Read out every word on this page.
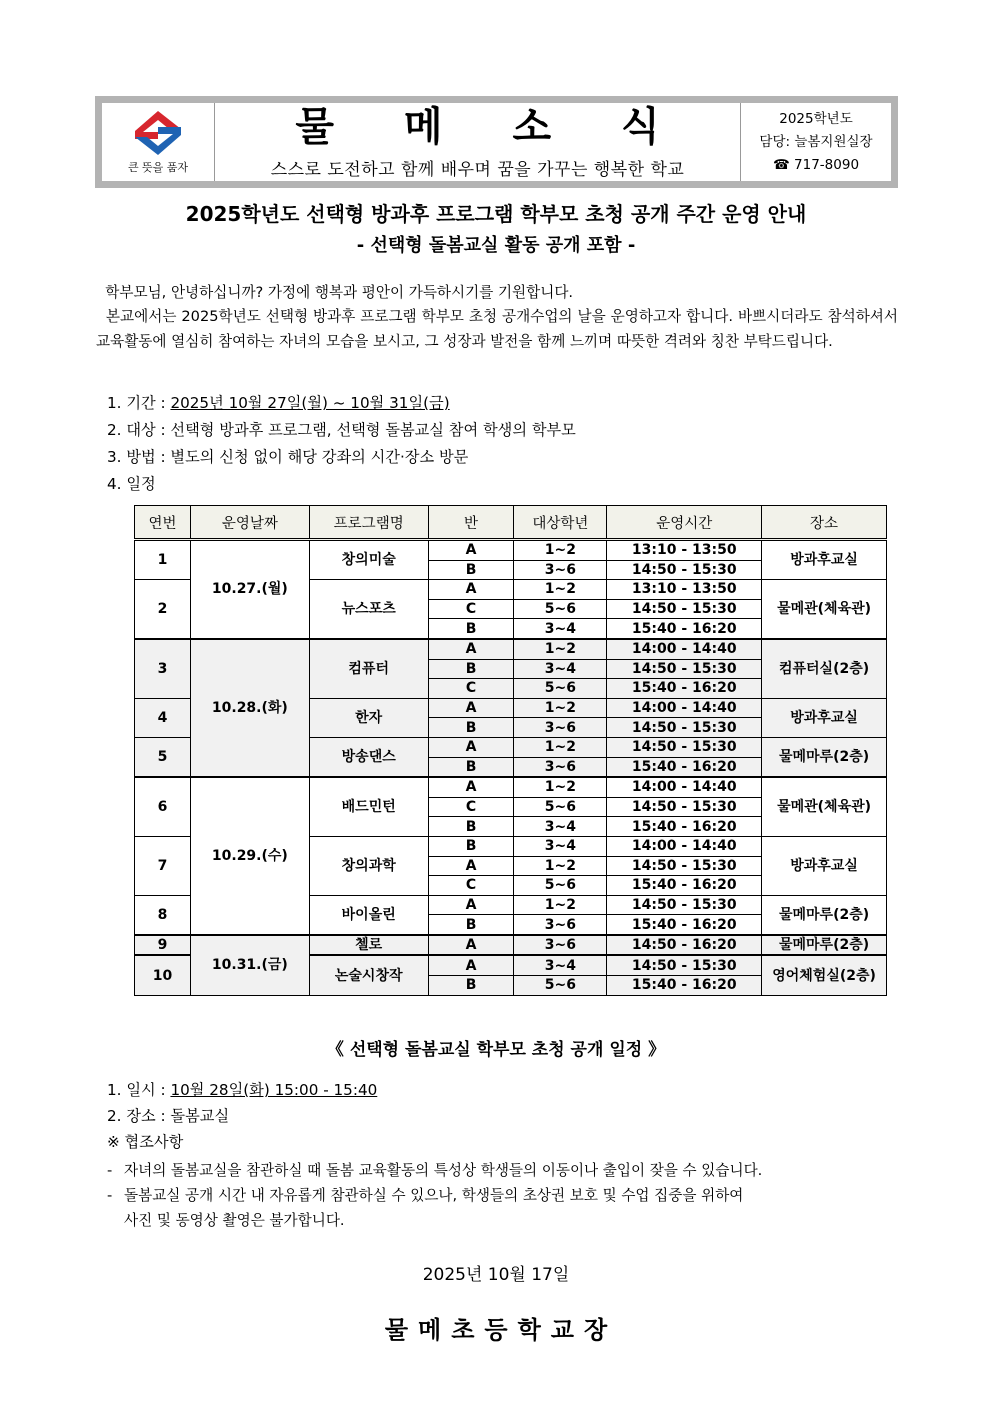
큰 뜻을 품자
물 메 소 식
스스로 도전하고 함께 배우며 꿈을 가꾸는 행복한 학교
2025학년도
담당: 늘봄지원실장
☎ 717-8090
2025학년도 선택형 방과후 프로그램 학부모 초청 공개 주간 운영 안내
- 선택형 돌봄교실 활동 공개 포함 -
학부모님, 안녕하십니까? 가정에 행복과 평안이 가득하시기를 기원합니다.
본교에서는 2025학년도 선택형 방과후 프로그램 학부모 초청 공개수업의 날을 운영하고자 합니다. 바쁘시더라도 참석하셔서 교육활동에 열심히 참여하는 자녀의 모습을 보시고, 그 성장과 발전을 함께 느끼며 따뜻한 격려와 칭찬 부탁드립니다.
1. 기간 : 2025년 10월 27일(월) ~ 10월 31일(금)
2. 대상 : 선택형 방과후 프로그램, 선택형 돌봄교실 참여 학생의 학부모
3. 방법 : 별도의 신청 없이 해당 강좌의 시간·장소 방문
4. 일정
연번	운영날짜	프로그램명	반	대상학년	운영시간	장소
1	10.27.(월)	창의미술	A	1~2	13:10 - 13:50	방과후교실
			B	3~6	14:50 - 15:30	
2		뉴스포츠	A	1~2	13:10 - 13:50	물메관(체육관)
			C	5~6	14:50 - 15:30	
			B	3~4	15:40 - 16:20	
3	10.28.(화)	컴퓨터	A	1~2	14:00 - 14:40	컴퓨터실(2층)
			B	3~4	14:50 - 15:30	
			C	5~6	15:40 - 16:20	
4		한자	A	1~2	14:00 - 14:40	방과후교실
			B	3~6	14:50 - 15:30	
5		방송댄스	A	1~2	14:50 - 15:30	물메마루(2층)
			B	3~6	15:40 - 16:20	
6	10.29.(수)	배드민턴	A	1~2	14:00 - 14:40	물메관(체육관)
			C	5~6	14:50 - 15:30	
			B	3~4	15:40 - 16:20	
7		창의과학	B	3~4	14:00 - 14:40	방과후교실
			A	1~2	14:50 - 15:30	
			C	5~6	15:40 - 16:20	
8		바이올린	A	1~2	14:50 - 15:30	물메마루(2층)
			B	3~6	15:40 - 16:20	
9	10.31.(금)	첼로	A	3~6	14:50 - 16:20	물메마루(2층)
10		논술시창작	A	3~4	14:50 - 15:30	영어체험실(2층)
			B	5~6	15:40 - 16:20	
《 선택형 돌봄교실 학부모 초청 공개 일정 》
1. 일시 : 10월 28일(화) 15:00 - 15:40
2. 장소 : 돌봄교실
※ 협조사항
- 자녀의 돌봄교실을 참관하실 때 돌봄 교육활동의 특성상 학생들의 이동이나 출입이 잦을 수 있습니다.
- 돌봄교실 공개 시간 내 자유롭게 참관하실 수 있으나, 학생들의 초상권 보호 및 수업 집중을 위하여
사진 및 동영상 촬영은 불가합니다.
2025년 10월 17일
물메초등학교장
